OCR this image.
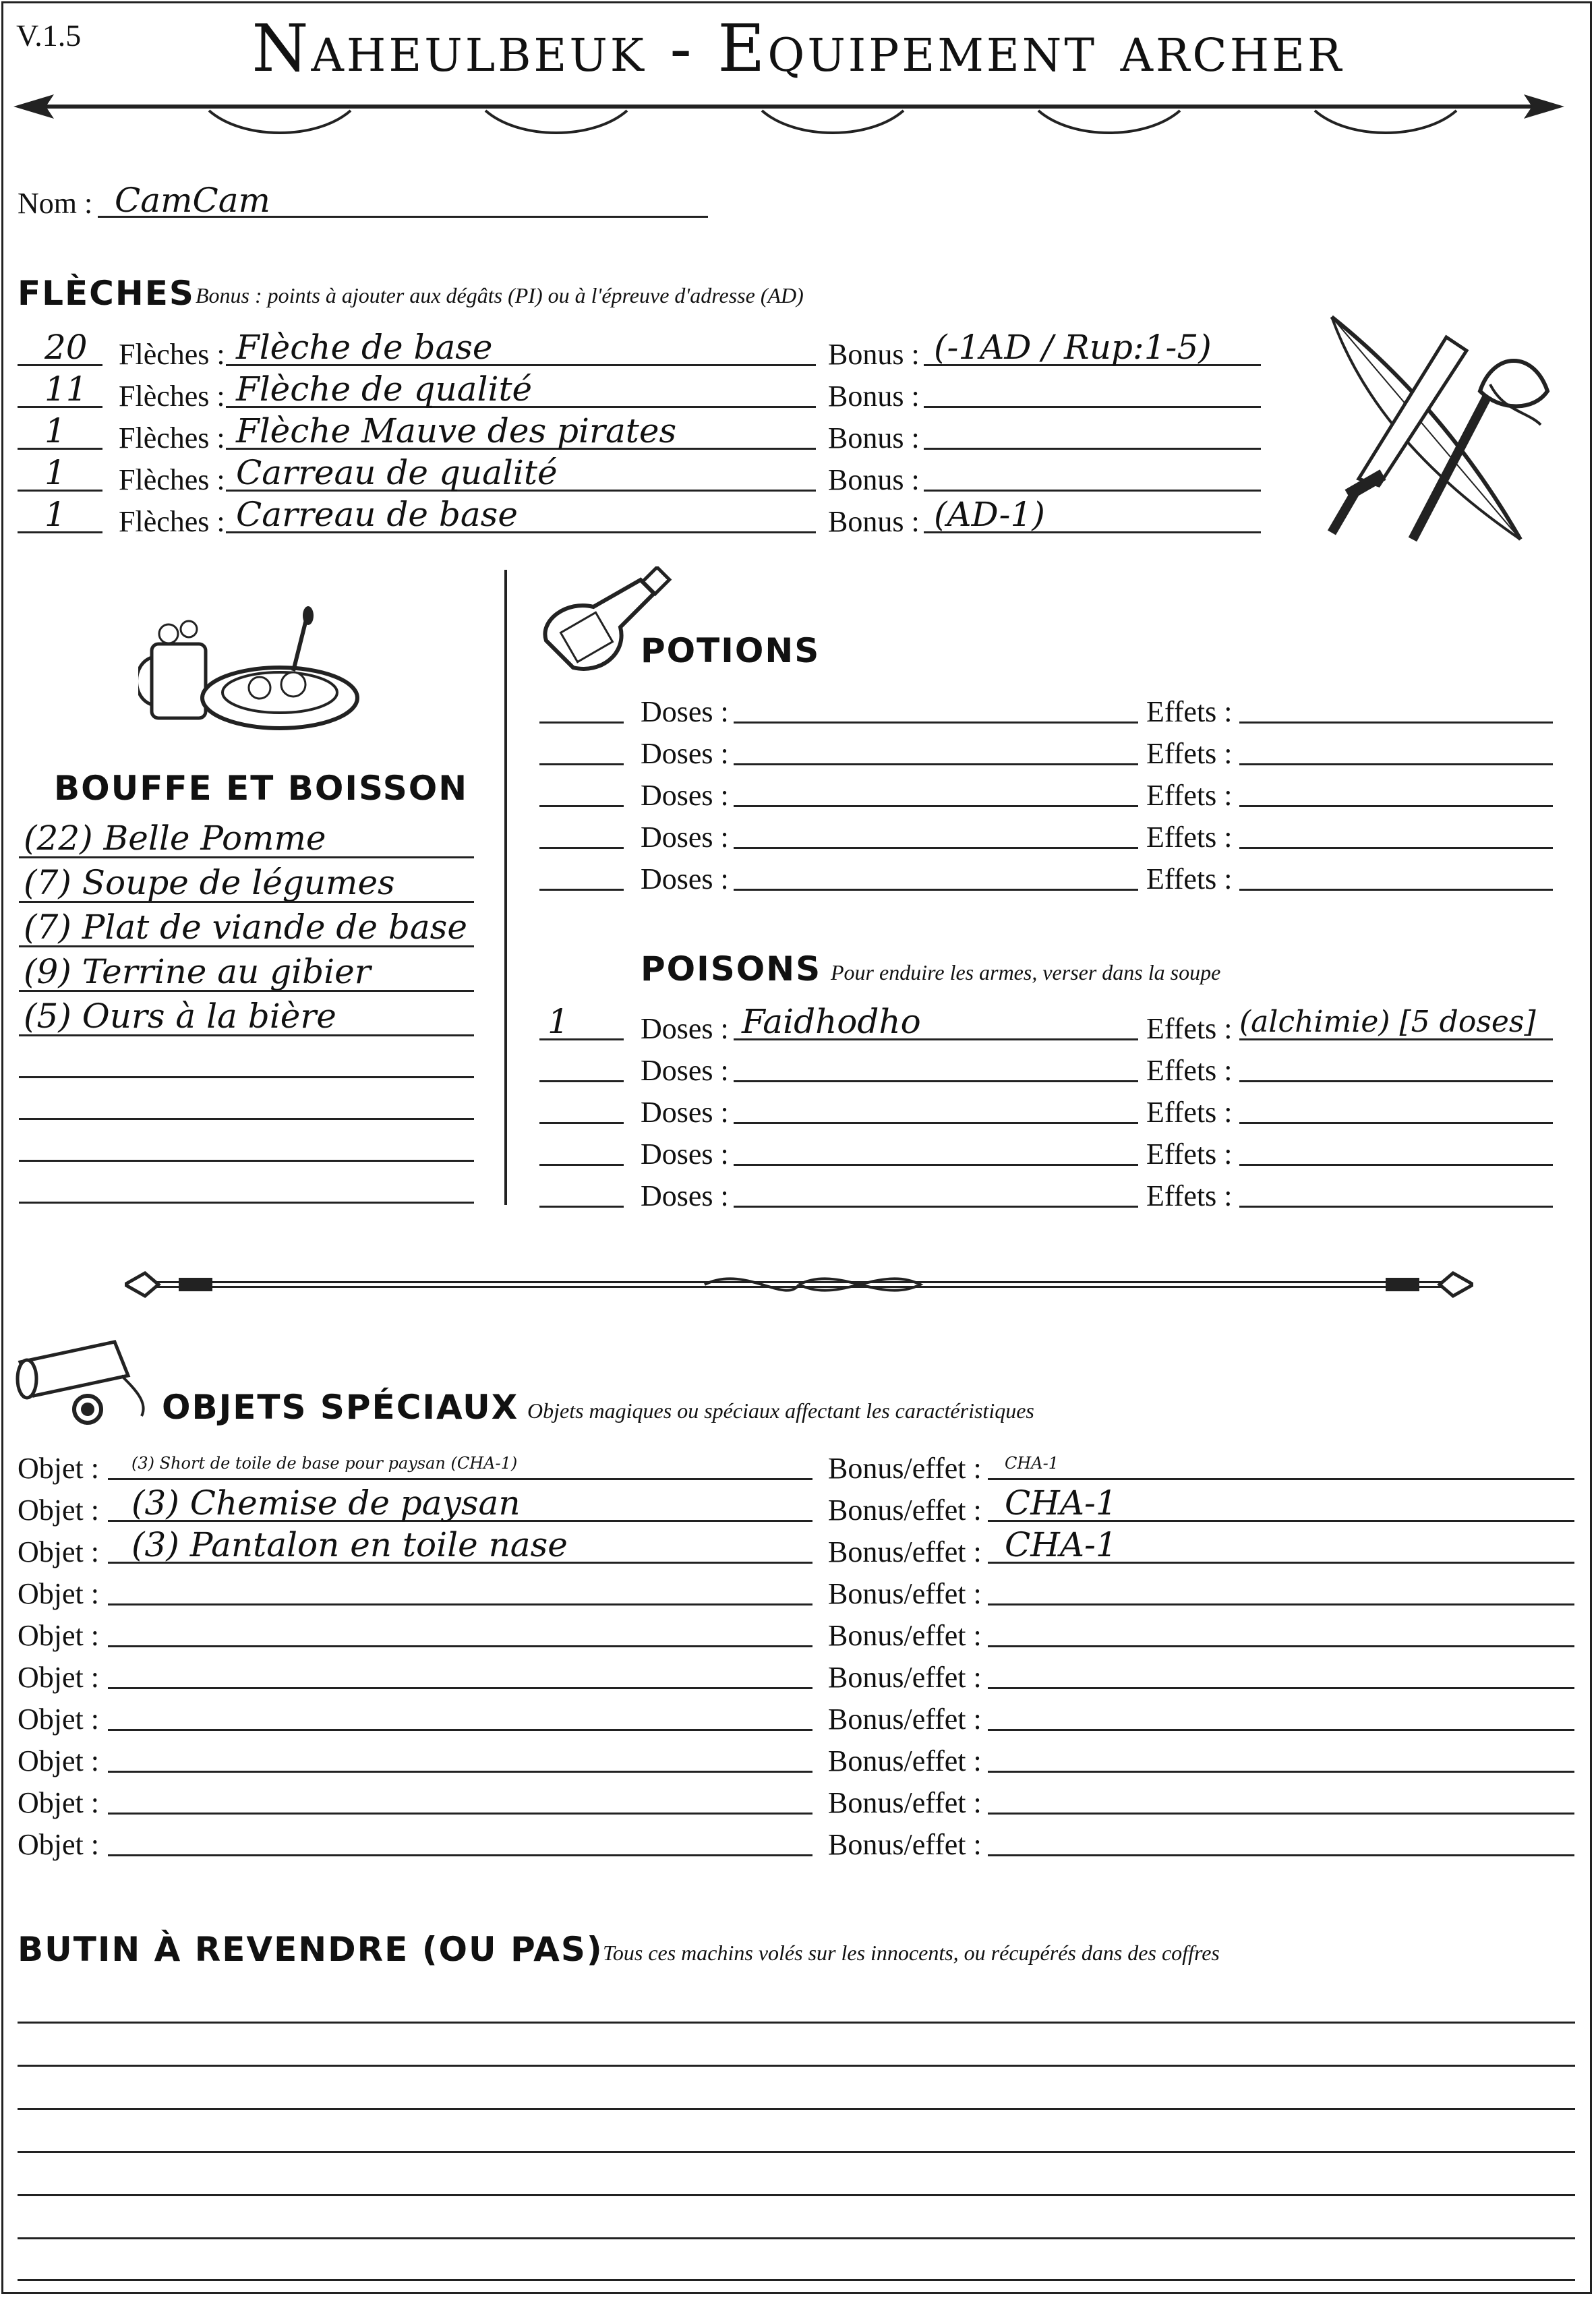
V.1.5	Naheulbeuk - Equipement archer
Nom : CamCam
FLÈCHES Bonus : points à ajouter aux dégâts (PI) ou à l'épreuve d'adresse (AD)
20 Flèches : Flèche de base	Bonus : (-1AD / Rup:1-5)
11 Flèches : Flèche de qualité	Bonus :
1 Flèches : Flèche Mauve des pirates	Bonus :
1 Flèches : Carreau de qualité	Bonus :
1 Flèches : Carreau de base	Bonus : (AD-1)
BOUFFE ET BOISSON
(22) Belle Pomme
(7) Soupe de légumes
(7) Plat de viande de base
(9) Terrine au gibier
(5) Ours à la bière
POTIONS
Doses :	Effets :
Doses :	Effets :
Doses :	Effets :
Doses :	Effets :
Doses :	Effets :
POISONS Pour enduire les armes, verser dans la soupe
1 Doses : Faidhodho	Effets : (alchimie) [5 doses]
Doses :	Effets :
Doses :	Effets :
Doses :	Effets :
Doses :	Effets :
OBJETS SPÉCIAUX Objets magiques ou spéciaux affectant les caractéristiques
Objet : (3) Short de toile de base pour paysan (CHA-1)	Bonus/effet : CHA-1
Objet : (3) Chemise de paysan	Bonus/effet : CHA-1
Objet : (3) Pantalon en toile nase	Bonus/effet : CHA-1
Objet :	Bonus/effet :
Objet :	Bonus/effet :
Objet :	Bonus/effet :
Objet :	Bonus/effet :
Objet :	Bonus/effet :
Objet :	Bonus/effet :
Objet :	Bonus/effet :
BUTIN À REVENDRE (OU PAS) Tous ces machins volés sur les innocents, ou récupérés dans des coffres
